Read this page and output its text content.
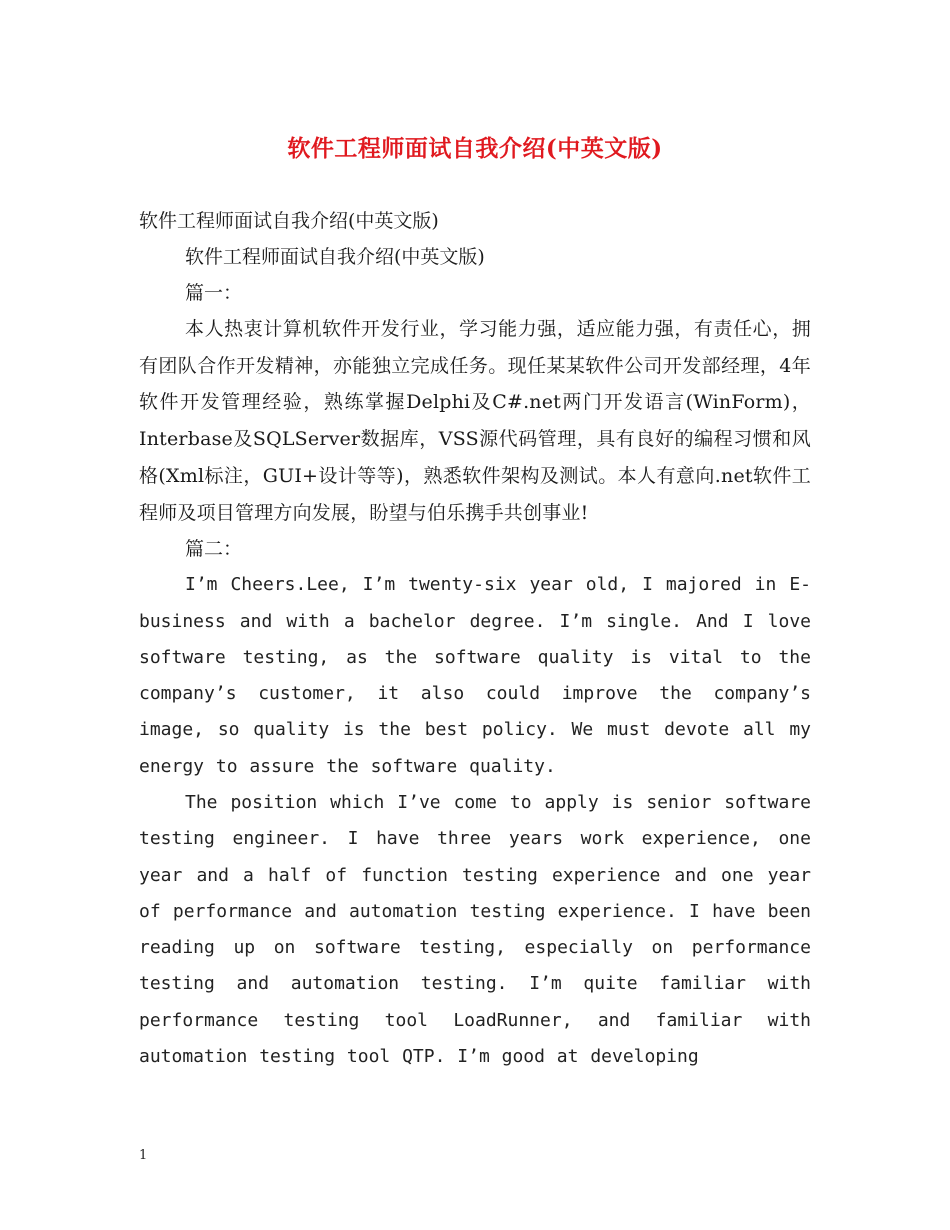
软件工程师面试自我介绍(中英文版)
软件工程师面试自我介绍(中英文版)
软件工程师面试自我介绍(中英文版)
篇一：

本人热衷计算机软件开发行业，学习能力强，适应能力强，有责任心，拥有团队合作开发精神，亦能独立完成任务。现任某某软件公司开发部经理，4年软件开发管理经验，熟练掌握Delphi及C#.net两门开发语言(WinForm)，Interbase及SQLServer数据库，VSS源代码管理，具有良好的编程习惯和风格(Xml标注，GUI+设计等等)，熟悉软件架构及测试。本人有意向.net软件工程师及项目管理方向发展，盼望与伯乐携手共创事业!

篇二：

I’m Cheers.Lee, I’m twenty-six year old, I majored in E-business and with a bachelor degree. I’m single. And I love software testing, as the software quality is vital to the company’s customer, it also could improve the company’s image, so quality is the best policy. We must devote all my energy to assure the software quality.

The position which I’ve come to apply is senior software testing engineer. I have three years work experience, one year and a half of function testing experience and one year of performance and automation testing experience. I have been reading up on software testing, especially on performance testing and automation testing. I’m quite familiar with performance testing tool LoadRunner, and familiar with automation testing tool QTP. I’m good at developing

1
